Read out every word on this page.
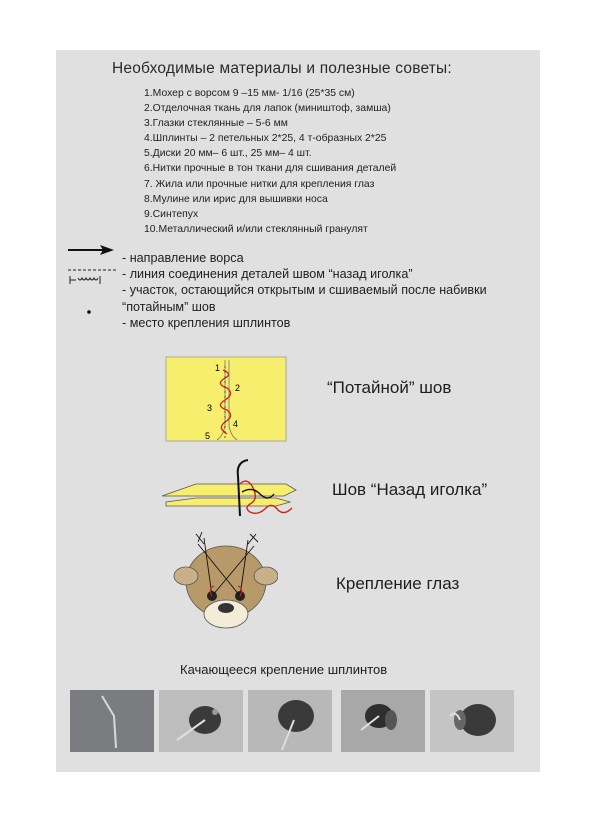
Необходимые материалы и полезные советы:
1.Мохер с ворсом 9 –15 мм- 1/16 (25*35 см)
2.Отделочная ткань для лапок (миништоф, замша)
3.Глазки стеклянные – 5-6 мм
4.Шплинты – 2 петельных 2*25, 4 т-образных 2*25
5.Диски 20 мм– 6 шт., 25 мм– 4 шт.
6.Нитки прочные в тон ткани для сшивания деталей
7. Жила или прочные нитки для крепления глаз
8.Мулине или ирис для вышивки носа
9.Синтепух
10.Металлический и/или стеклянный гранулят
- направление ворса
- линия соединения деталей швом “назад иголка”
- участок, остающийся открытым и сшиваемый после набивки
“потайным” шов
- место крепления шплинтов
1
2
3
4
5
“Потайной” шов
Шов “Назад иголка”
Крепление глаз
Качающееся крепление шплинтов
